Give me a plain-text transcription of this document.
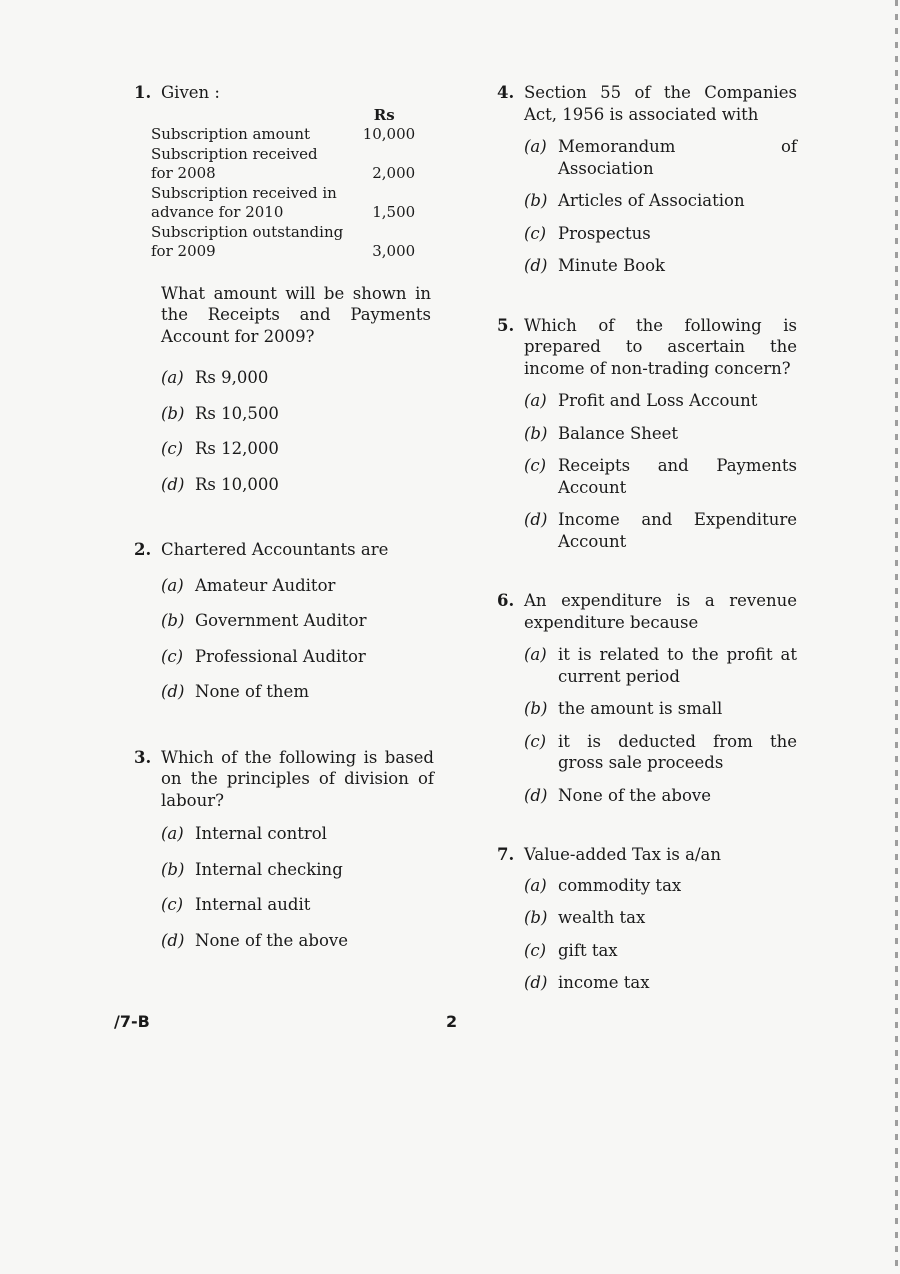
1. Given :
	Rs
Subscription amount	10,000
Subscription received	
for 2008	2,000
Subscription received in	
advance for 2010	1,500
Subscription outstanding	
for 2009	3,000
What amount will be shown in the Receipts and Payments Account for 2009?
(a) Rs 9,000
(b) Rs 10,500
(c) Rs 12,000
(d) Rs 10,000
2. Chartered Accountants are
(a) Amateur Auditor
(b) Government Auditor
(c) Professional Auditor
(d) None of them
3. Which of the following is based on the principles of division of labour?
(a) Internal control
(b) Internal checking
(c) Internal audit
(d) None of the above
4. Section 55 of the Companies Act, 1956 is associated with
(a) Memorandum of Association
(b) Articles of Association
(c) Prospectus
(d) Minute Book
5. Which of the following is prepared to ascertain the income of non-trading concern?
(a) Profit and Loss Account
(b) Balance Sheet
(c) Receipts and Payments Account
(d) Income and Expenditure Account
6. An expenditure is a revenue expenditure because
(a) it is related to the profit at current period
(b) the amount is small
(c) it is deducted from the gross sale proceeds
(d) None of the above
7. Value-added Tax is a/an
(a) commodity tax
(b) wealth tax
(c) gift tax
(d) income tax
/7-B	2
